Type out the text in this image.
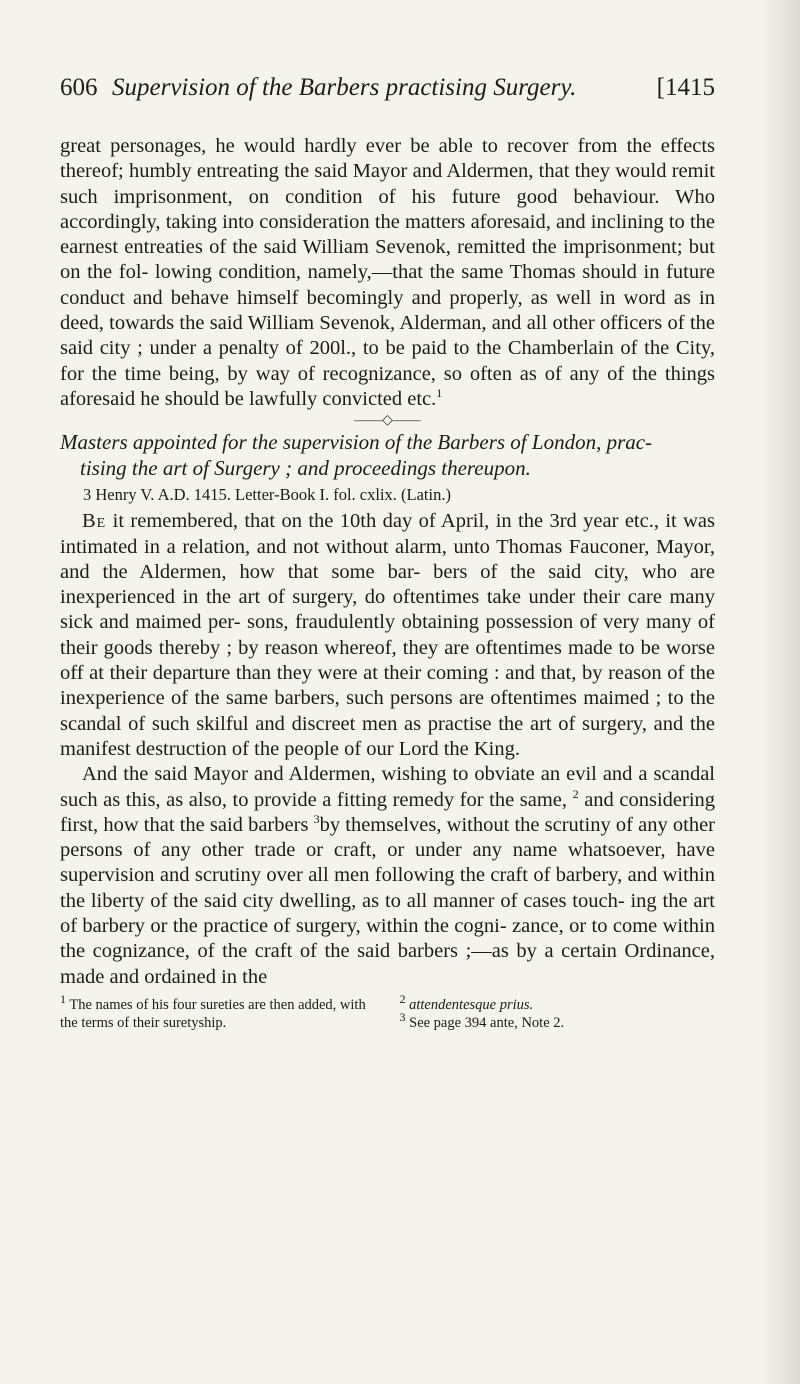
606 Supervision of the Barbers practising Surgery.	[1415

great personages, he would hardly ever be able to recover from the effects thereof; humbly entreating the said Mayor and Aldermen, that they would remit such imprisonment, on condition of his future good behaviour. Who accordingly, taking into consideration the matters aforesaid, and inclining to the earnest entreaties of the said William Sevenok, remitted the imprisonment; but on the fol- lowing condition, namely,—that the same Thomas should in future conduct and behave himself becomingly and properly, as well in word as in deed, towards the said William Sevenok, Alderman, and all other officers of the said city ; under a penalty of 200l., to be paid to the Chamberlain of the City, for the time being, by way of recognizance, so often as of any of the things aforesaid he should be lawfully convicted etc.$^1$

——◇——
Masters appointed for the supervision of the Barbers of London, prac-
tising the art of Surgery ; and proceedings thereupon.
3 Henry V. A.D. 1415. Letter-Book I. fol. cxlix. (Latin.)

Be it remembered, that on the 10th day of April, in the 3rd year etc., it was intimated in a relation, and not without alarm, unto Thomas Fauconer, Mayor, and the Aldermen, how that some bar- bers of the said city, who are inexperienced in the art of surgery, do oftentimes take under their care many sick and maimed per- sons, fraudulently obtaining possession of very many of their goods thereby ; by reason whereof, they are oftentimes made to be worse off at their departure than they were at their coming : and that, by reason of the inexperience of the same barbers, such persons are oftentimes maimed ; to the scandal of such skilful and discreet men as practise the art of surgery, and the manifest destruction of the people of our Lord the King.

And the said Mayor and Aldermen, wishing to obviate an evil and a scandal such as this, as also, to provide a fitting remedy for the same, $^2$ and considering first, how that the said barbers $^3$by themselves, without the scrutiny of any other persons of any other trade or craft, or under any name whatsoever, have supervision and scrutiny over all men following the craft of barbery, and within the liberty of the said city dwelling, as to all manner of cases touch- ing the art of barbery or the practice of surgery, within the cogni- zance, or to come within the cognizance, of the craft of the said barbers ;—as by a certain Ordinance, made and ordained in the

$^1$ The names of his four sureties are then added, with the terms of their suretyship.
$^2$ attendentesque prius.
$^3$ See page 394 ante, Note 2.
